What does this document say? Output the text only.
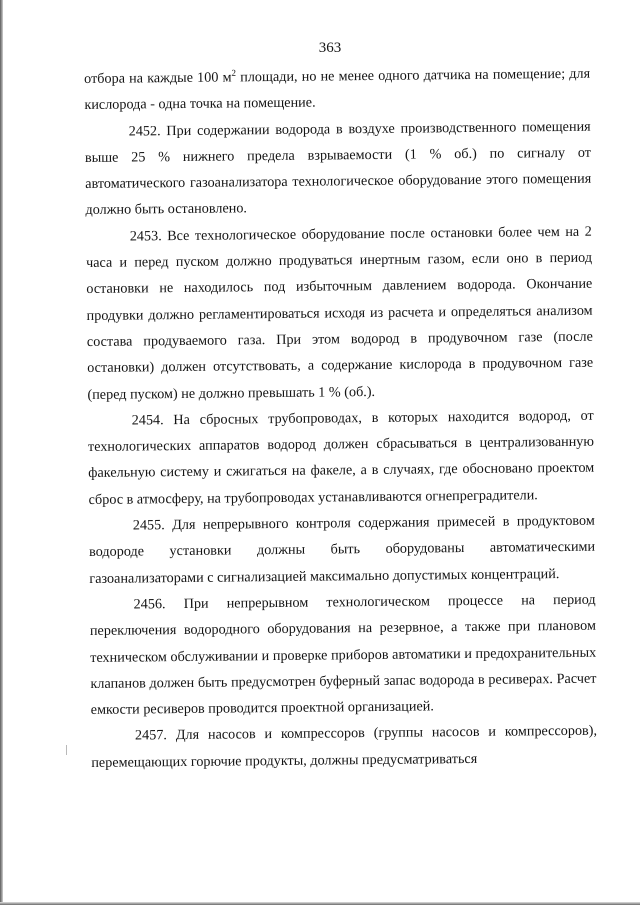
363

отбора на каждые 100 $м^2$ площади, но не менее одного датчика на помещение; для кислорода - одна точка на помещение.

2452. При содержании водорода в воздухе производственного помещения выше 25 % нижнего предела взрываемости (1 % об.) по сигналу от автоматического газоанализатора технологическое оборудование этого помещения должно быть остановлено.

2453. Все технологическое оборудование после остановки более чем на 2 часа и перед пуском должно продуваться инертным газом, если оно в период остановки не находилось под избыточным давлением водорода. Окончание продувки должно регламентироваться исходя из расчета и определяться анализом состава продуваемого газа. При этом водород в продувочном газе (после остановки) должен отсутствовать, а содержание кислорода в продувочном газе (перед пуском) не должно превышать 1 % (об.).

2454. На сбросных трубопроводах, в которых находится водород, от технологических аппаратов водород должен сбрасываться в централизованную факельную систему и сжигаться на факеле, а в случаях, где обосновано проектом сброс в атмосферу, на трубопроводах устанавливаются огнепреградители.

2455. Для непрерывного контроля содержания примесей в продуктовом водороде установки должны быть оборудованы автоматическими газоанализаторами с сигнализацией максимально допустимых концентраций.

2456. При непрерывном технологическом процессе на период переключения водородного оборудования на резервное, а также при плановом техническом обслуживании и проверке приборов автоматики и предохранительных клапанов должен быть предусмотрен буферный запас водорода в ресиверах. Расчет емкости ресиверов проводится проектной организацией.

2457. Для насосов и компрессоров (группы насосов и компрессоров), перемещающих горючие продукты, должны предусматриваться
